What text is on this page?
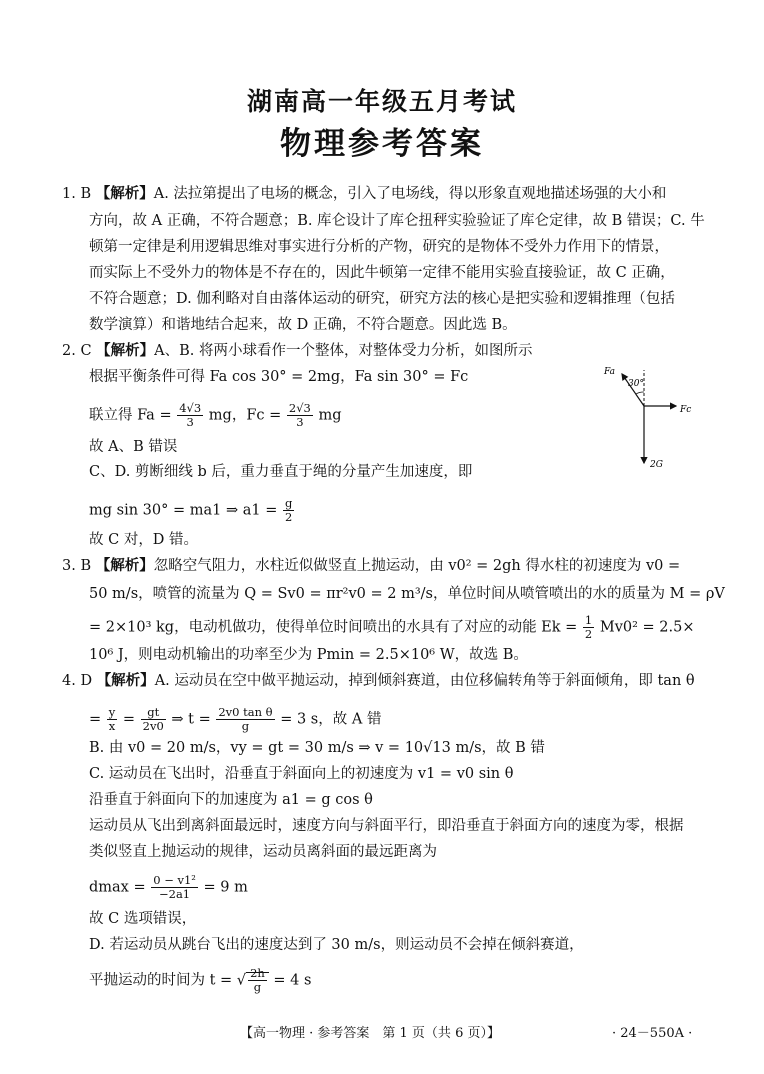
湖南高一年级五月考试
物理参考答案
1. B 【解析】A. 法拉第提出了电场的概念，引入了电场线，得以形象直观地描述场强的大小和
方向，故 A 正确，不符合题意；B. 库仑设计了库仑扭秤实验验证了库仑定律，故 B 错误；C. 牛
顿第一定律是利用逻辑思维对事实进行分析的产物，研究的是物体不受外力作用下的情景，
而实际上不受外力的物体是不存在的，因此牛顿第一定律不能用实验直接验证，故 C 正确，
不符合题意；D. 伽利略对自由落体运动的研究，研究方法的核心是把实验和逻辑推理（包括
数学演算）和谐地结合起来，故 D 正确，不符合题意。因此选 B。
2. C 【解析】A、B. 将两小球看作一个整体，对整体受力分析，如图所示
根据平衡条件可得 Fa cos 30° = 2mg，Fa sin 30° = Fc
联立得 $Fa = \frac{4√3}{3}$ mg，$Fc = \frac{2√3}{3}$ mg
故 A、B 错误
C、D. 剪断细线 b 后，重力垂直于绳的分量产生加速度，即
mg sin 30° = ma1 ⇒ $a1 = \frac{g}{2}$
故 C 对，D 错。
Fa
30°
Fc
2G
3. B 【解析】忽略空气阻力，水柱近似做竖直上抛运动，由 v0² = 2gh 得水柱的初速度为 v0 =
50 m/s，喷管的流量为 Q = Sv0 = πr²v0 = 2 m³/s，单位时间从喷管喷出的水的质量为 M = ρV
= 2×10³ kg，电动机做功，使得单位时间喷出的水具有了对应的动能 $Ek = \frac{1}{2} Mv0^2 = 2.5\times$
10⁶ J，则电动机输出的功率至少为 Pmin = 2.5×10⁶ W，故选 B。
4. D 【解析】A. 运动员在空中做平抛运动，掉到倾斜赛道，由位移偏转角等于斜面倾角，即 tan θ
= $\frac{y}{x} = \frac{gt}{2v0}$ ⇒ $t = \frac{\text{2v0 tan θ}}{g} = 3$ s，故 A 错
B. 由 v0 = 20 m/s，vy = gt = 30 m/s ⇒ v = 10√13 m/s，故 B 错
C. 运动员在飞出时，沿垂直于斜面向上的初速度为 v1 = v0 sin θ
沿垂直于斜面向下的加速度为 a1 = g cos θ
运动员从飞出到离斜面最远时，速度方向与斜面平行，即沿垂直于斜面方向的速度为零，根据
类似竖直上抛运动的规律，运动员离斜面的最远距离为
$dmax = \frac{\text{0 − v1²}}{-2a1} = 9$ m
故 C 选项错误，
D. 若运动员从跳台飞出的速度达到了 30 m/s，则运动员不会掉在倾斜赛道，
平抛运动的时间为 t = √ $\frac{2h}{g} = 4$ s
【高一物理 · 参考答案　第 1 页（共 6 页）】	· 24－550A ·
